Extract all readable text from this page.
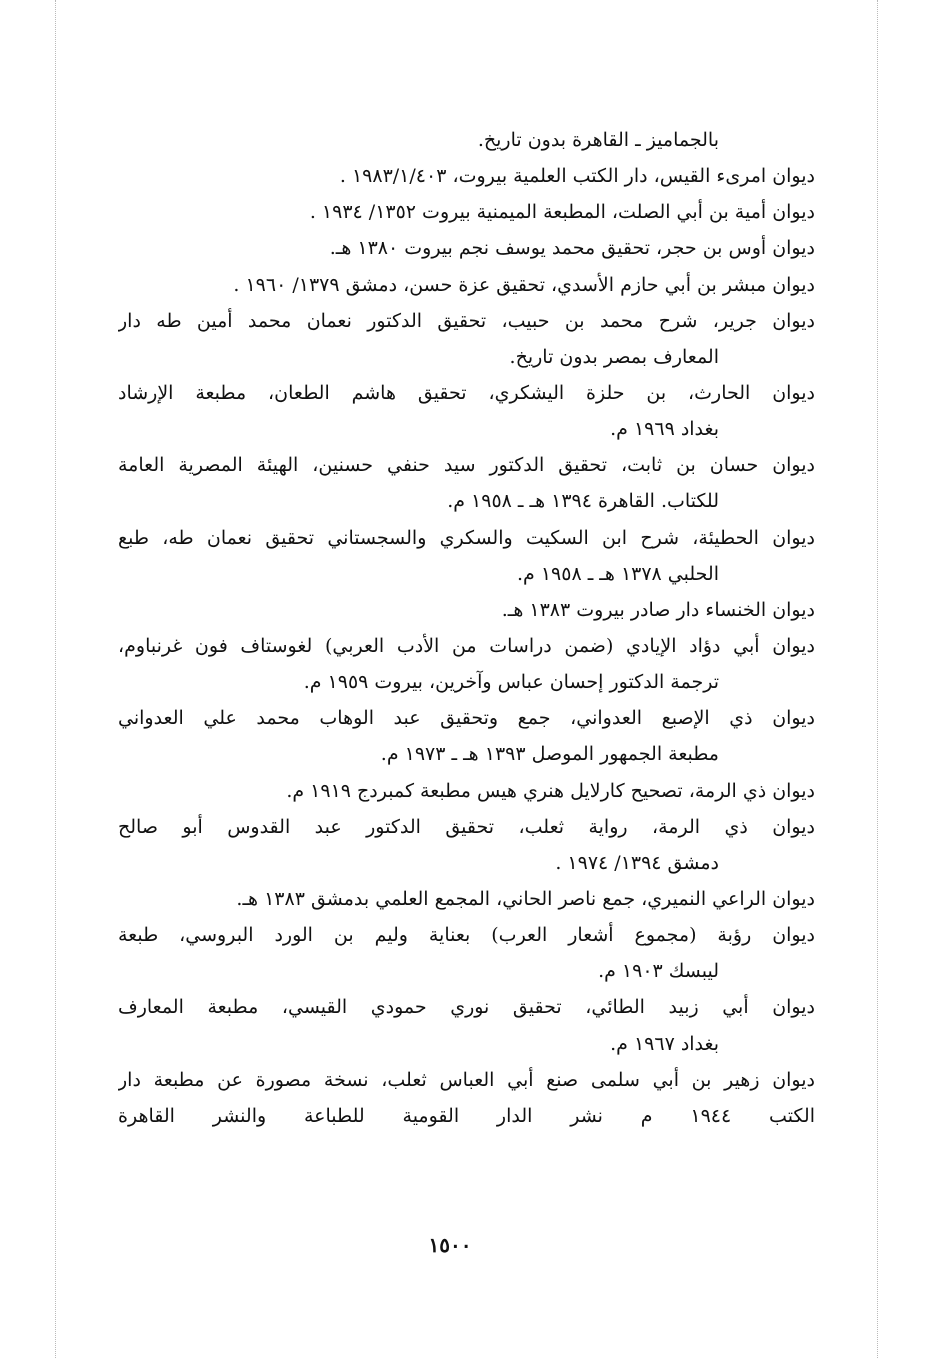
بالجماميز ـ القاهرة بدون تاريخ.
ديوان امرىء القيس، دار الكتب العلمية بيروت، ١٩٨٣/١/٤٠٣ .
ديوان أمية بن أبي الصلت، المطبعة الميمنية بيروت ١٣٥٢/ ١٩٣٤ .
ديوان أوس بن حجر، تحقيق محمد يوسف نجم بيروت ١٣٨٠ هـ.
ديوان مبشر بن أبي حازم الأسدي، تحقيق عزة حسن، دمشق ١٣٧٩/ ١٩٦٠ .
ديوان جرير، شرح محمد بن حبيب، تحقيق الدكتور نعمان محمد أمين طه دار
المعارف بمصر بدون تاريخ.
ديوان الحارث، بن حلزة اليشكري، تحقيق هاشم الطعان، مطبعة الإرشاد
بغداد ١٩٦٩ م.
ديوان حسان بن ثابت، تحقيق الدكتور سيد حنفي حسنين، الهيئة المصرية العامة
للكتاب. القاهرة ١٣٩٤ هـ ـ ١٩٥٨ م.
ديوان الحطيئة، شرح ابن السكيت والسكري والسجستاني تحقيق نعمان طه، طبع
الحلبي ١٣٧٨ هـ ـ ١٩٥٨ م.
ديوان الخنساء دار صادر بيروت ١٣٨٣ هـ.
ديوان أبي دؤاد الإيادي (ضمن دراسات من الأدب العربي) لغوستاف فون غرنباوم،
ترجمة الدكتور إحسان عباس وآخرين، بيروت ١٩٥٩ م.
ديوان ذي الإصبع العدواني، جمع وتحقيق عبد الوهاب محمد علي العدواني
مطبعة الجمهور الموصل ١٣٩٣ هـ ـ ١٩٧٣ م.
ديوان ذي الرمة، تصحيح كارلايل هنري هيس مطبعة كمبردج ١٩١٩ م.
ديوان ذي الرمة، رواية ثعلب، تحقيق الدكتور عبد القدوس أبو صالح
دمشق ١٣٩٤/ ١٩٧٤ .
ديوان الراعي النميري، جمع ناصر الحاني، المجمع العلمي بدمشق ١٣٨٣ هـ.
ديوان رؤبة (مجموع أشعار العرب) بعناية وليم بن الورد البروسي، طبعة
ليبسك ١٩٠٣ م.
ديوان أبي زبيد الطائي، تحقيق نوري حمودي القيسي، مطبعة المعارف
بغداد ١٩٦٧ م.
ديوان زهير بن أبي سلمى صنع أبي العباس ثعلب، نسخة مصورة عن مطبعة دار
الكتب ١٩٤٤ م نشر الدار القومية للطباعة والنشر القاهرة
١٥٠٠
